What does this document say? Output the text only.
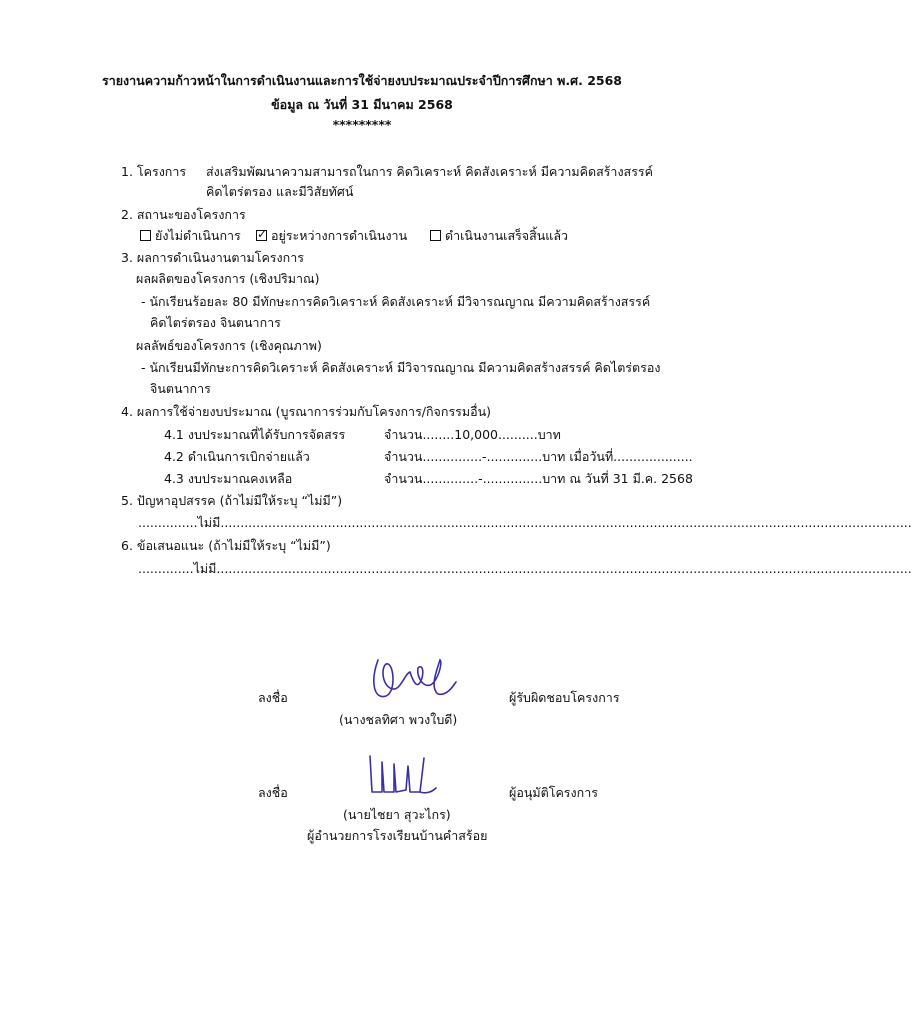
รายงานความก้าวหน้าในการดำเนินงานและการใช้จ่ายงบประมาณประจำปีการศึกษา พ.ศ. 2568
ข้อมูล ณ วันที่ 31 มีนาคม 2568
*********
1. โครงการ ส่งเสริมพัฒนาความสามารถในการ คิดวิเคราะห์ คิดสังเคราะห์ มีความคิดสร้างสรรค์
คิดไตร่ตรอง และมีวิสัยทัศน์
2. สถานะของโครงการ
ยังไม่ดำเนินการ
✓	อยู่ระหว่างการดำเนินงาน	ดำเนินงานเสร็จสิ้นแล้ว
3. ผลการดำเนินงานตามโครงการ
ผลผลิตของโครงการ (เชิงปริมาณ)
- นักเรียนร้อยละ 80 มีทักษะการคิดวิเคราะห์ คิดสังเคราะห์ มีวิจารณญาณ มีความคิดสร้างสรรค์
คิดไตร่ตรอง จินตนาการ
ผลลัพธ์ของโครงการ (เชิงคุณภาพ)
- นักเรียนมีทักษะการคิดวิเคราะห์ คิดสังเคราะห์ มีวิจารณญาณ มีความคิดสร้างสรรค์ คิดไตร่ตรอง
จินตนาการ
4. ผลการใช้จ่ายงบประมาณ (บูรณาการร่วมกับโครงการ/กิจกรรมอื่น)
4.1 งบประมาณที่ได้รับการจัดสรร	จำนวน........10,000..........บาท
4.2 ดำเนินการเบิกจ่ายแล้ว	จำนวน...............-..............บาท เมื่อวันที่....................
4.3 งบประมาณคงเหลือ	จำนวน..............-...............บาท ณ วันที่ 31 มี.ค. 2568
5. ปัญหาอุปสรรค (ถ้าไม่มีให้ระบุ “ไม่มี”)
...............ไม่มี..............................................................................................................................................................................
6. ข้อเสนอแนะ (ถ้าไม่มีให้ระบุ “ไม่มี”)
..............ไม่มี...............................................................................................................................................................................
ลงชื่อ	ผู้รับผิดชอบโครงการ
(นางชลทิศา พวงใบดี)
ลงชื่อ	ผู้อนุมัติโครงการ
(นายไชยา สุวะไกร)
ผู้อำนวยการโรงเรียนบ้านคำสร้อย
